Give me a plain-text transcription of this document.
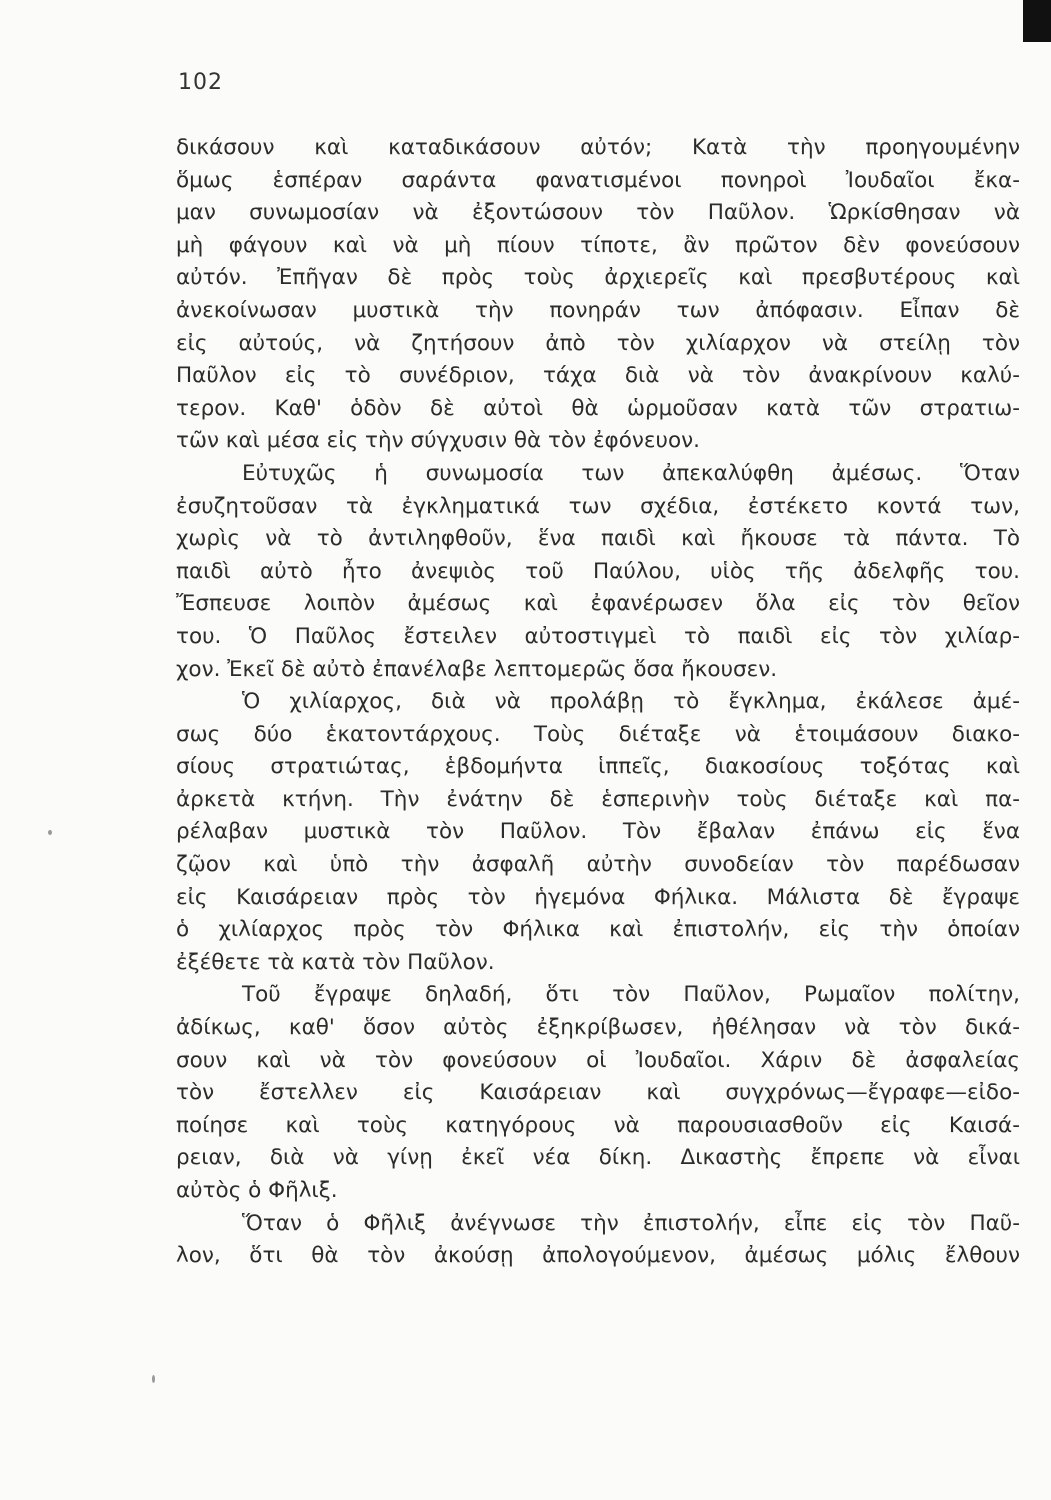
102
δικάσουν καὶ καταδικάσουν αὐτόν; Κατὰ τὴν προηγουμένην
ὅμως ἑσπέραν σαράντα φανατισμένοι πονηροὶ Ἰουδαῖοι ἔκα-
μαν συνωμοσίαν νὰ ἐξοντώσουν τὸν Παῦλον. Ὡρκίσθησαν νὰ
μὴ φάγουν καὶ νὰ μὴ πίουν τίποτε, ἂν πρῶτον δὲν φονεύσουν
αὐτόν. Ἐπῆγαν δὲ πρὸς τοὺς ἀρχιερεῖς καὶ πρεσβυτέρους καὶ
ἀνεκοίνωσαν μυστικὰ τὴν πονηράν των ἀπόφασιν. Εἶπαν δὲ
εἰς αὐτούς, νὰ ζητήσουν ἀπὸ τὸν χιλίαρχον νὰ στείλῃ τὸν
Παῦλον εἰς τὸ συνέδριον, τάχα διὰ νὰ τὸν ἀνακρίνουν καλύ-
τερον. Καθ' ὁδὸν δὲ αὐτοὶ θὰ ὡρμοῦσαν κατὰ τῶν στρατιω-
τῶν καὶ μέσα εἰς τὴν σύγχυσιν θὰ τὸν ἐφόνευον.
Εὐτυχῶς ἡ συνωμοσία των ἀπεκαλύφθη ἀμέσως. Ὅταν
ἐσυζητοῦσαν τὰ ἐγκληματικά των σχέδια, ἐστέκετο κοντά των,
χωρὶς νὰ τὸ ἀντιληφθοῦν, ἕνα παιδὶ καὶ ἤκουσε τὰ πάντα. Τὸ
παιδὶ αὐτὸ ἦτο ἀνεψιὸς τοῦ Παύλου, υἱὸς τῆς ἀδελφῆς του.
Ἔσπευσε λοιπὸν ἀμέσως καὶ ἐφανέρωσεν ὅλα εἰς τὸν θεῖον
του. Ὁ Παῦλος ἔστειλεν αὐτοστιγμεὶ τὸ παιδὶ εἰς τὸν χιλίαρ-
χον. Ἐκεῖ δὲ αὐτὸ ἐπανέλαβε λεπτομερῶς ὅσα ἤκουσεν.
Ὁ χιλίαρχος, διὰ νὰ προλάβῃ τὸ ἔγκλημα, ἐκάλεσε ἀμέ-
σως δύο ἑκατοντάρχους. Τοὺς διέταξε νὰ ἑτοιμάσουν διακο-
σίους στρατιώτας, ἑβδομήντα ἱππεῖς, διακοσίους τοξότας καὶ
ἀρκετὰ κτήνη. Τὴν ἐνάτην δὲ ἑσπερινὴν τοὺς διέταξε καὶ πα-
ρέλαβαν μυστικὰ τὸν Παῦλον. Τὸν ἔβαλαν ἐπάνω εἰς ἕνα
ζῷον καὶ ὑπὸ τὴν ἀσφαλῆ αὐτὴν συνοδείαν τὸν παρέδωσαν
εἰς Καισάρειαν πρὸς τὸν ἡγεμόνα Φήλικα. Μάλιστα δὲ ἔγραψε
ὁ χιλίαρχος πρὸς τὸν Φήλικα καὶ ἐπιστολήν, εἰς τὴν ὁποίαν
ἐξέθετε τὰ κατὰ τὸν Παῦλον.
Τοῦ ἔγραψε δηλαδή, ὅτι τὸν Παῦλον, Ρωμαῖον πολίτην,
ἀδίκως, καθ' ὅσον αὐτὸς ἐξηκρίβωσεν, ἠθέλησαν νὰ τὸν δικά-
σουν καὶ νὰ τὸν φονεύσουν οἱ Ἰουδαῖοι. Χάριν δὲ ἀσφαλείας
τὸν ἔστελλεν εἰς Καισάρειαν καὶ συγχρόνως—ἔγραφε—εἰδο-
ποίησε καὶ τοὺς κατηγόρους νὰ παρουσιασθοῦν εἰς Καισά-
ρειαν, διὰ νὰ γίνῃ ἐκεῖ νέα δίκη. Δικαστὴς ἔπρεπε νὰ εἶναι
αὐτὸς ὁ Φῆλιξ.
Ὅταν ὁ Φῆλιξ ἀνέγνωσε τὴν ἐπιστολήν, εἶπε εἰς τὸν Παῦ-
λον, ὅτι θὰ τὸν ἀκούσῃ ἀπολογούμενον, ἀμέσως μόλις ἔλθουν
